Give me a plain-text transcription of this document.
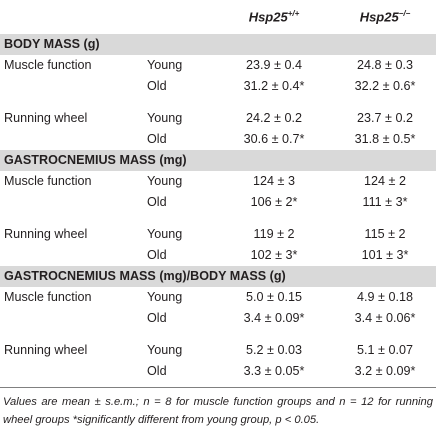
Hsp25+/+	Hsp25−/−
BODY MASS (g)
Muscle function	Young	23.9 ± 0.4	24.8 ± 0.3
Old	31.2 ± 0.4*	32.2 ± 0.6*
Running wheel	Young	24.2 ± 0.2	23.7 ± 0.2
Old	30.6 ± 0.7*	31.8 ± 0.5*
GASTROCNEMIUS MASS (mg)
Muscle function	Young	124 ± 3	124 ± 2
Old	106 ± 2*	111 ± 3*
Running wheel	Young	119 ± 2	115 ± 2
Old	102 ± 3*	101 ± 3*
GASTROCNEMIUS MASS (mg)/BODY MASS (g)
Muscle function	Young	5.0 ± 0.15	4.9 ± 0.18
Old	3.4 ± 0.09*	3.4 ± 0.06*
Running wheel	Young	5.2 ± 0.03	5.1 ± 0.07
Old	3.3 ± 0.05*	3.2 ± 0.09*
Values are mean ± s.e.m.; n = 8 for muscle function groups and n = 12 for running wheel groups *significantly different from young group, p < 0.05.
